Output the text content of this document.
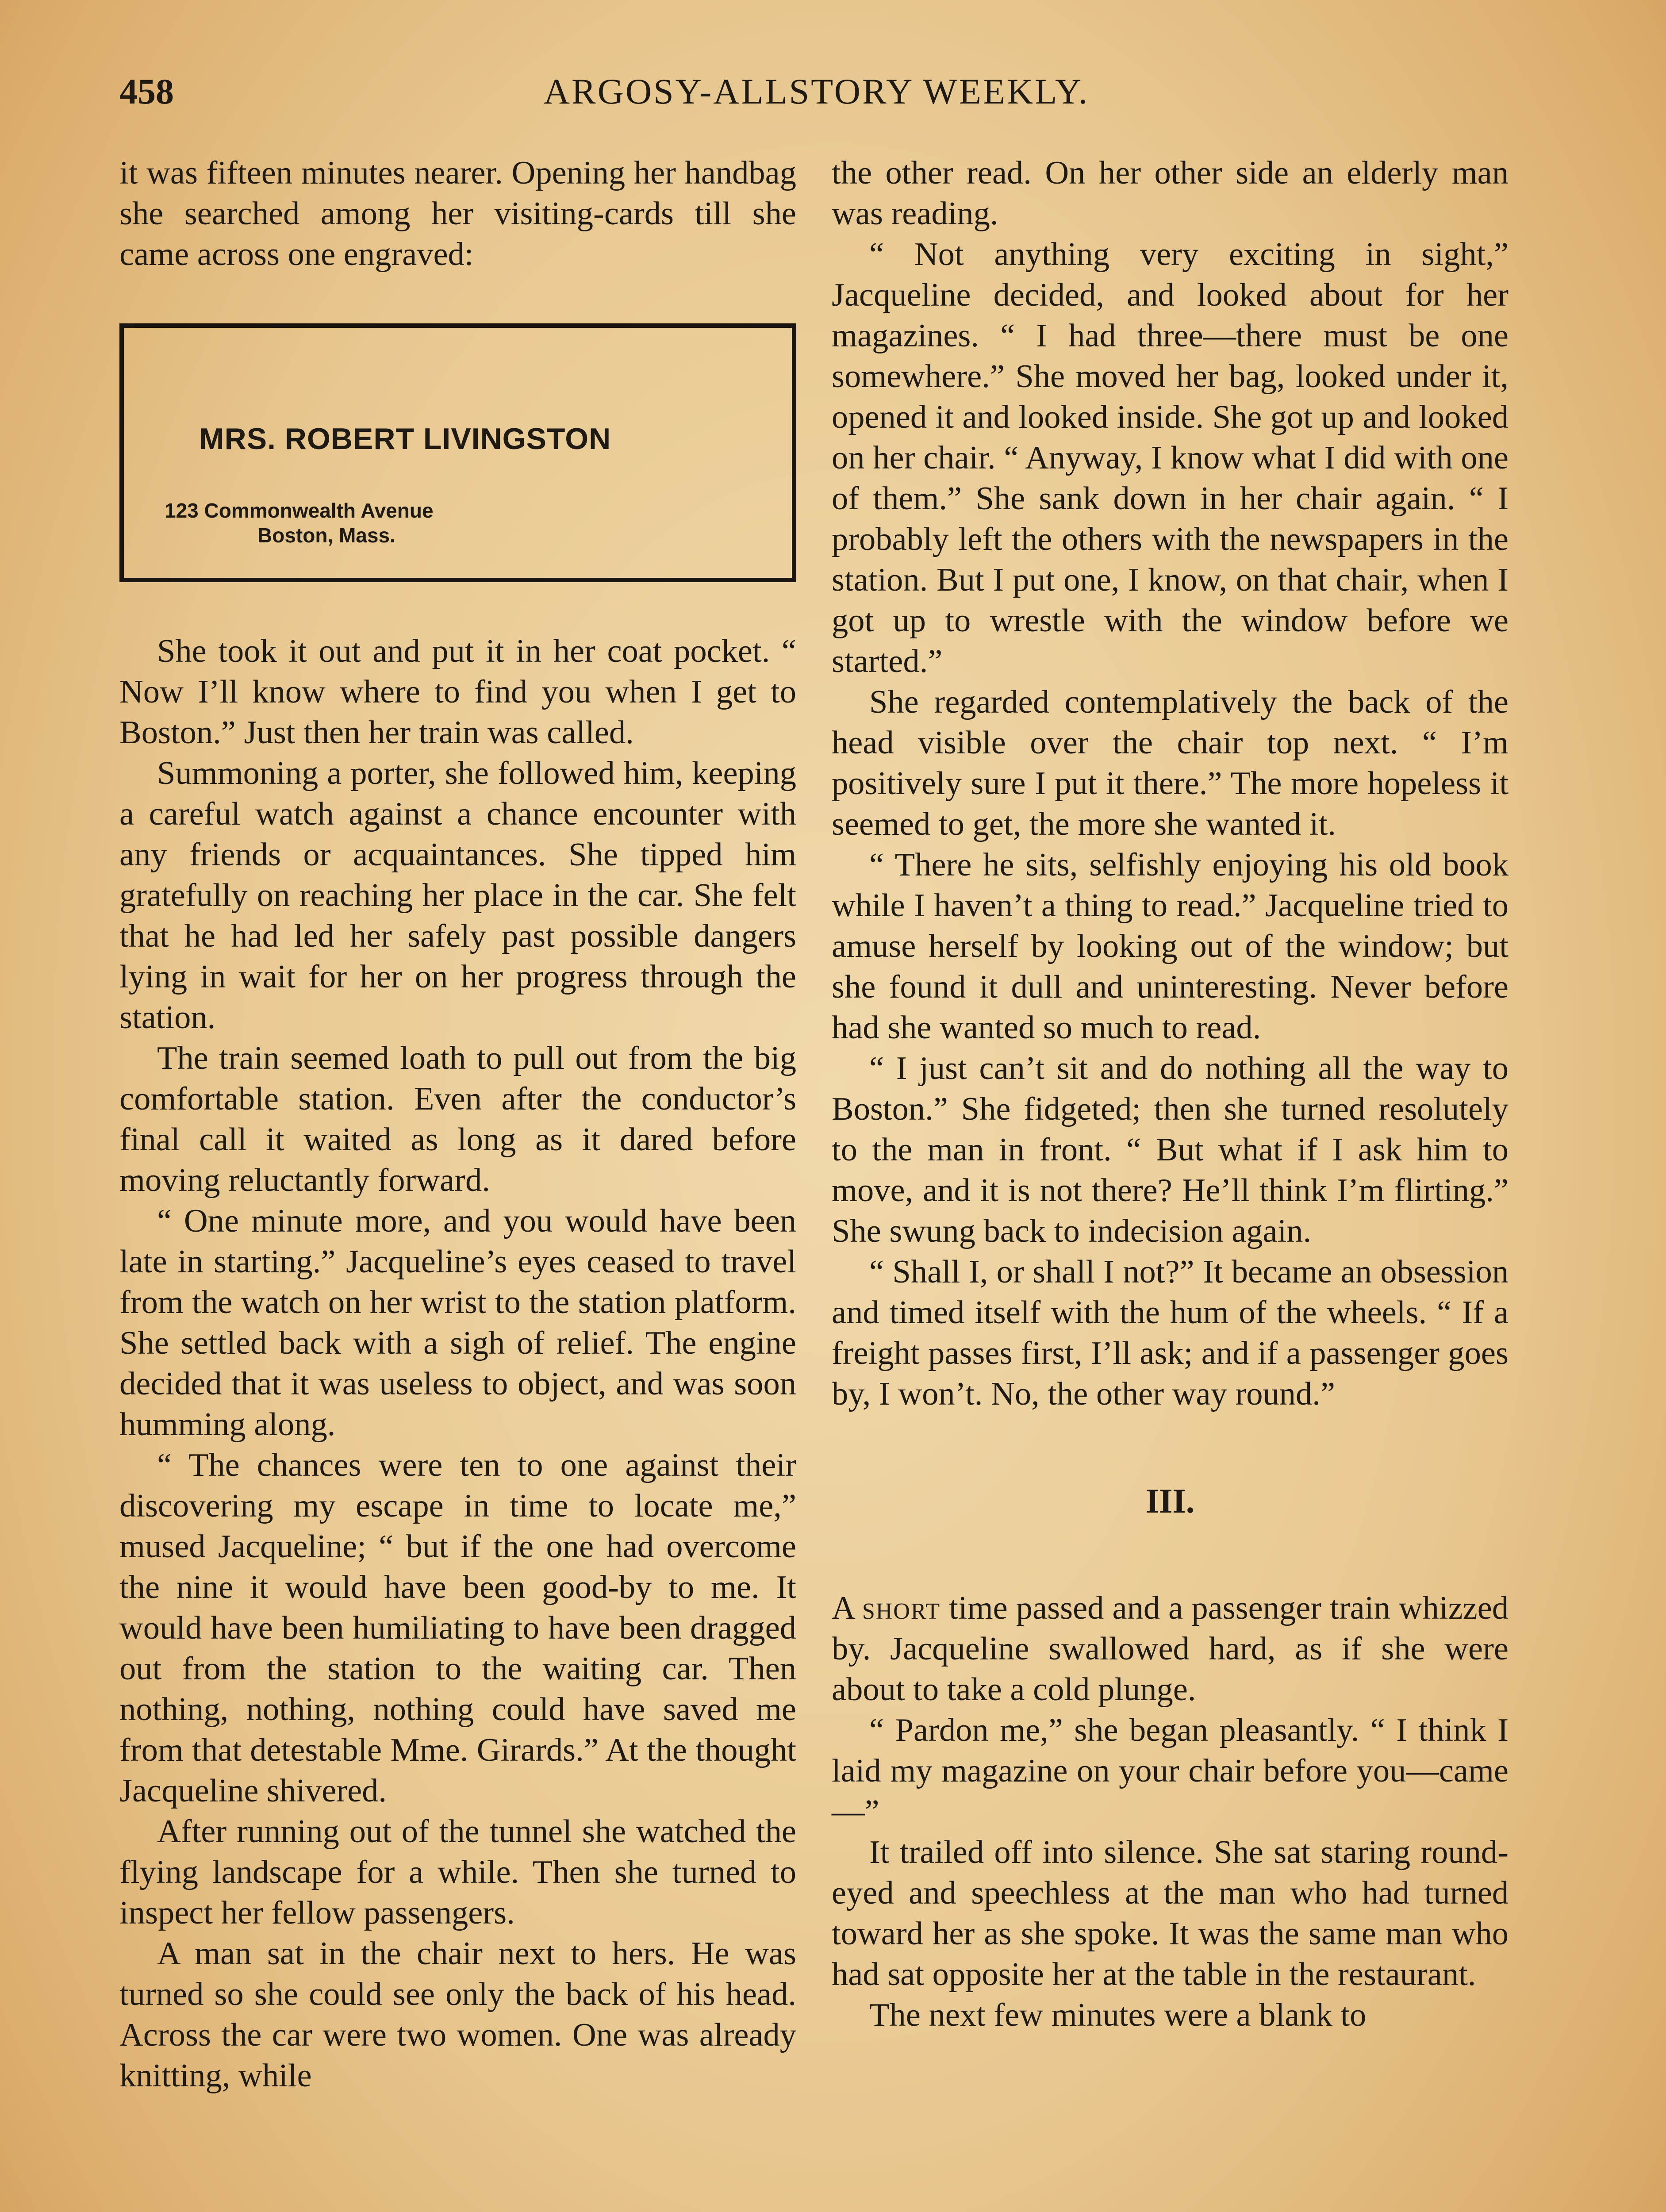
458	ARGOSY-ALLSTORY WEEKLY.

it was fifteen minutes nearer. Opening her handbag she searched among her visiting-cards till she came across one engraved:

MRS. ROBERT LIVINGSTON
123 Commonwealth Avenue
Boston, Mass.

She took it out and put it in her coat pocket. “ Now I’ll know where to find you when I get to Boston.” Just then her train was called.

Summoning a porter, she followed him, keeping a careful watch against a chance encounter with any friends or acquaintances. She tipped him gratefully on reaching her place in the car. She felt that he had led her safely past possible dangers lying in wait for her on her progress through the station.

The train seemed loath to pull out from the big comfortable station. Even after the conductor’s final call it waited as long as it dared before moving reluctantly forward.

“ One minute more, and you would have been late in starting.” Jacqueline’s eyes ceased to travel from the watch on her wrist to the station platform. She settled back with a sigh of relief. The engine decided that it was useless to object, and was soon humming along.

“ The chances were ten to one against their discovering my escape in time to locate me,” mused Jacqueline; “ but if the one had overcome the nine it would have been good-by to me. It would have been humiliating to have been dragged out from the station to the waiting car. Then nothing, nothing, nothing could have saved me from that detestable Mme. Girards.” At the thought Jacqueline shivered.

After running out of the tunnel she watched the flying landscape for a while. Then she turned to inspect her fellow passengers.

A man sat in the chair next to hers. He was turned so she could see only the back of his head. Across the car were two women. One was already knitting, while

the other read. On her other side an elderly man was reading.

“ Not anything very exciting in sight,” Jacqueline decided, and looked about for her magazines. “ I had three—there must be one somewhere.” She moved her bag, looked under it, opened it and looked inside. She got up and looked on her chair. “ Anyway, I know what I did with one of them.” She sank down in her chair again. “ I probably left the others with the newspapers in the station. But I put one, I know, on that chair, when I got up to wrestle with the window before we started.”

She regarded contemplatively the back of the head visible over the chair top next. “ I’m positively sure I put it there.” The more hopeless it seemed to get, the more she wanted it.

“ There he sits, selfishly enjoying his old book while I haven’t a thing to read.” Jacqueline tried to amuse herself by looking out of the window; but she found it dull and uninteresting. Never before had she wanted so much to read.

“ I just can’t sit and do nothing all the way to Boston.” She fidgeted; then she turned resolutely to the man in front. “ But what if I ask him to move, and it is not there? He’ll think I’m flirting.” She swung back to indecision again.

“ Shall I, or shall I not?” It became an obsession and timed itself with the hum of the wheels. “ If a freight passes first, I’ll ask; and if a passenger goes by, I won’t. No, the other way round.”

III.

A short time passed and a passenger train whizzed by. Jacqueline swallowed hard, as if she were about to take a cold plunge.

“ Pardon me,” she began pleasantly. “ I think I laid my magazine on your chair before you—came—”

It trailed off into silence. She sat staring round-eyed and speechless at the man who had turned toward her as she spoke. It was the same man who had sat opposite her at the table in the restaurant.

The next few minutes were a blank to
